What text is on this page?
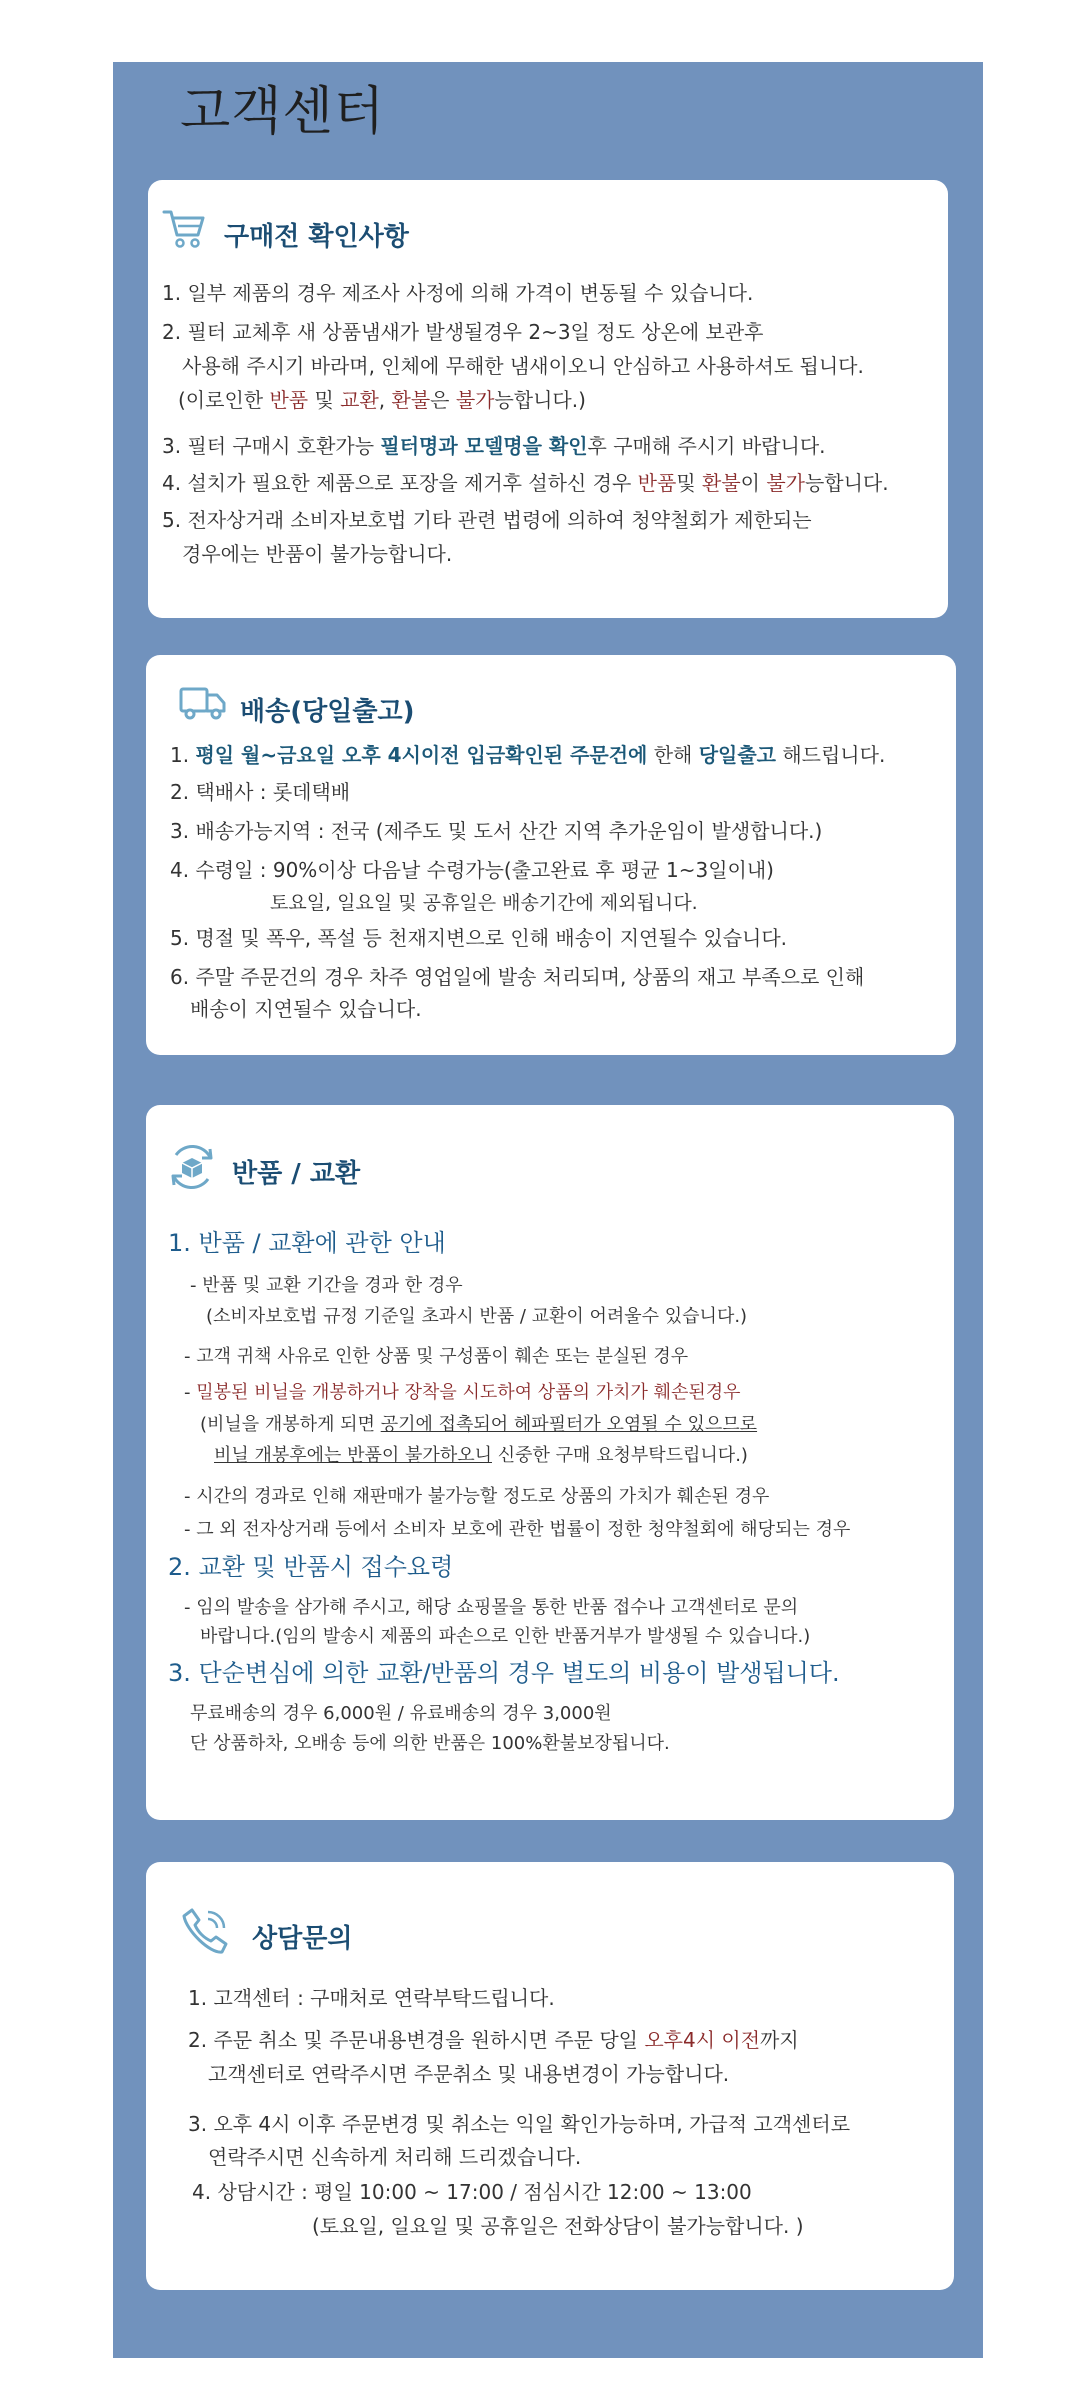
고객센터
구매전 확인사항
1. 일부 제품의 경우 제조사 사정에 의해 가격이 변동될 수 있습니다.
2. 필터 교체후 새 상품냄새가 발생될경우 2~3일 정도 상온에 보관후
사용해 주시기 바라며, 인체에 무해한 냄새이오니 안심하고 사용하셔도 됩니다.
(이로인한 반품 및 교환, 환불은 불가능합니다.)
3. 필터 구매시 호환가능 필터명과 모델명을 확인후 구매해 주시기 바랍니다.
4. 설치가 필요한 제품으로 포장을 제거후 설하신 경우 반품및 환불이 불가능합니다.
5. 전자상거래 소비자보호법 기타 관련 법령에 의하여 청약철회가 제한되는
경우에는 반품이 불가능합니다.
배송(당일출고)
1. 평일 월~금요일 오후 4시이전 입금확인된 주문건에 한해 당일출고 해드립니다.
2. 택배사 : 롯데택배
3. 배송가능지역 : 전국 (제주도 및 도서 산간 지역 추가운임이 발생합니다.)
4. 수령일 : 90%이상 다음날 수령가능(출고완료 후 평균 1~3일이내)
토요일, 일요일 및 공휴일은 배송기간에 제외됩니다.
5. 명절 및 폭우, 폭설 등 천재지변으로 인해 배송이 지연될수 있습니다.
6. 주말 주문건의 경우 차주 영업일에 발송 처리되며, 상품의 재고 부족으로 인해
배송이 지연될수 있습니다.
반품 / 교환
1. 반품 / 교환에 관한 안내
- 반품 및 교환 기간을 경과 한 경우
(소비자보호법 규정 기준일 초과시 반품 / 교환이 어려울수 있습니다.)
- 고객 귀책 사유로 인한 상품 및 구성품이 훼손 또는 분실된 경우
- 밀봉된 비닐을 개봉하거나 장착을 시도하여 상품의 가치가 훼손된경우
(비닐을 개봉하게 되면 공기에 접촉되어 헤파필터가 오염될 수 있으므로
비닐 개봉후에는 반품이 불가하오니 신중한 구매 요청부탁드립니다.)
- 시간의 경과로 인해 재판매가 불가능할 정도로 상품의 가치가 훼손된 경우
- 그 외 전자상거래 등에서 소비자 보호에 관한 법률이 정한 청약철회에 해당되는 경우
2. 교환 및 반품시 접수요령
- 임의 발송을 삼가해 주시고, 해당 쇼핑몰을 통한 반품 접수나 고객센터로 문의
바랍니다.(임의 발송시 제품의 파손으로 인한 반품거부가 발생될 수 있습니다.)
3. 단순변심에 의한 교환/반품의 경우 별도의 비용이 발생됩니다.
무료배송의 경우 6,000원 / 유료배송의 경우 3,000원
단 상품하차, 오배송 등에 의한 반품은 100%환불보장됩니다.
상담문의
1. 고객센터 : 구매처로 연락부탁드립니다.
2. 주문 취소 및 주문내용변경을 원하시면 주문 당일 오후4시 이전까지
고객센터로 연락주시면 주문취소 및 내용변경이 가능합니다.
3. 오후 4시 이후 주문변경 및 취소는 익일 확인가능하며, 가급적 고객센터로
연락주시면 신속하게 처리해 드리겠습니다.
4. 상담시간 : 평일 10:00 ~ 17:00 / 점심시간 12:00 ~ 13:00
(토요일, 일요일 및 공휴일은 전화상담이 불가능합니다. )
